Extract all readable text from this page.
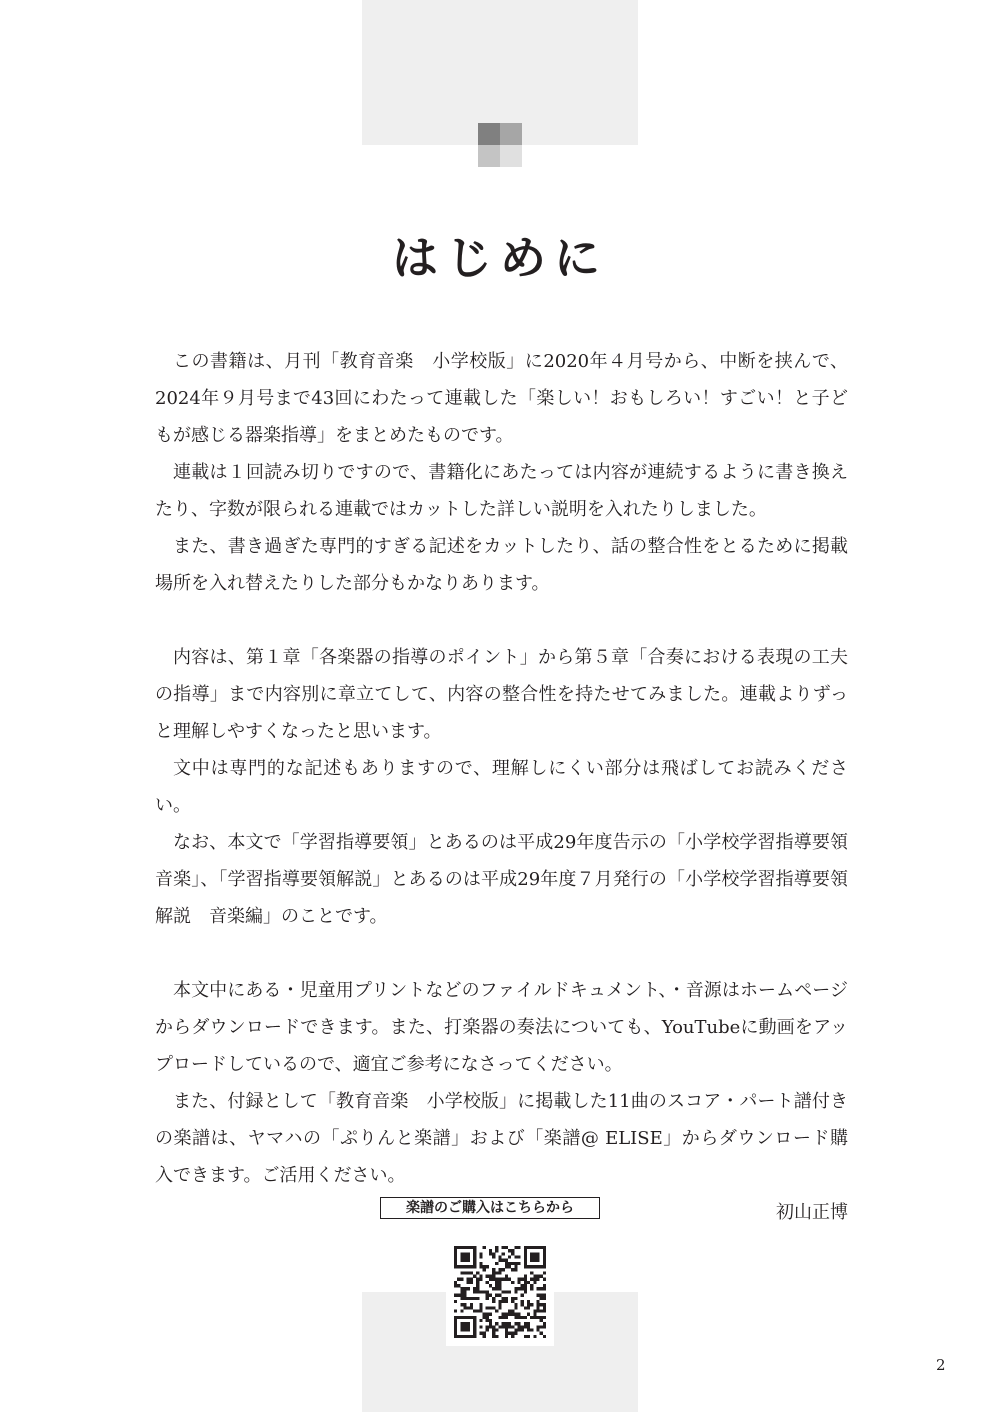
はじめに

この書籍は、月刊「教育音楽　小学校版」に2020年４月号から、中断を挟んで、2024年９月号まで43回にわたって連載した「楽しい！おもしろい！すごい！と子どもが感じる器楽指導」をまとめたものです。

連載は１回読み切りですので、書籍化にあたっては内容が連続するように書き換えたり、字数が限られる連載ではカットした詳しい説明を入れたりしました。

また、書き過ぎた専門的すぎる記述をカットしたり、話の整合性をとるために掲載場所を入れ替えたりした部分もかなりあります。

内容は、第１章「各楽器の指導のポイント」から第５章「合奏における表現の工夫の指導」まで内容別に章立てして、内容の整合性を持たせてみました。連載よりずっと理解しやすくなったと思います。

文中は専門的な記述もありますので、理解しにくい部分は飛ばしてお読みください。

なお、本文で「学習指導要領」とあるのは平成29年度告示の「小学校学習指導要領　音楽」、「学習指導要領解説」とあるのは平成29年度７月発行の「小学校学習指導要領解説　音楽編」のことです。

本文中にある・児童用プリントなどのファイルドキュメント、・音源はホームページからダウンロードできます。また、打楽器の奏法についても、YouTubeに動画をアップロードしているので、適宜ご参考になさってください。

また、付録として「教育音楽　小学校版」に掲載した11曲のスコア・パート譜付きの楽譜は、ヤマハの「ぷりんと楽譜」および「楽譜@ ELISE」からダウンロード購入できます。ご活用ください。

初山正博

楽譜のご購入はこちらから
2
